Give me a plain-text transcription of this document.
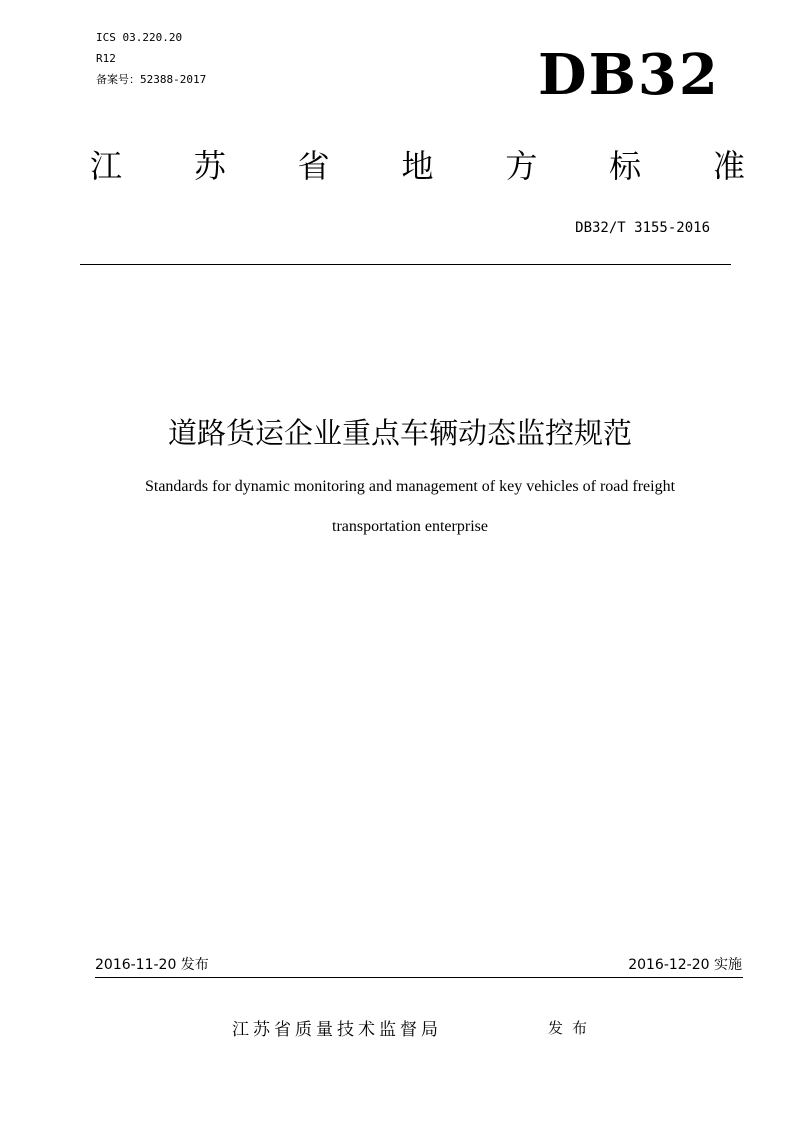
ICS 03.220.20
R12
备案号：52388-2017	DB32
江 苏 省 地 方 标 准
DB32/T 3155-2016
道路货运企业重点车辆动态监控规范
Standards for dynamic monitoring and management of key vehicles of road freight
transportation enterprise
2016-11-20 发布	2016-12-20 实施
江苏省质量技术监督局	发布
